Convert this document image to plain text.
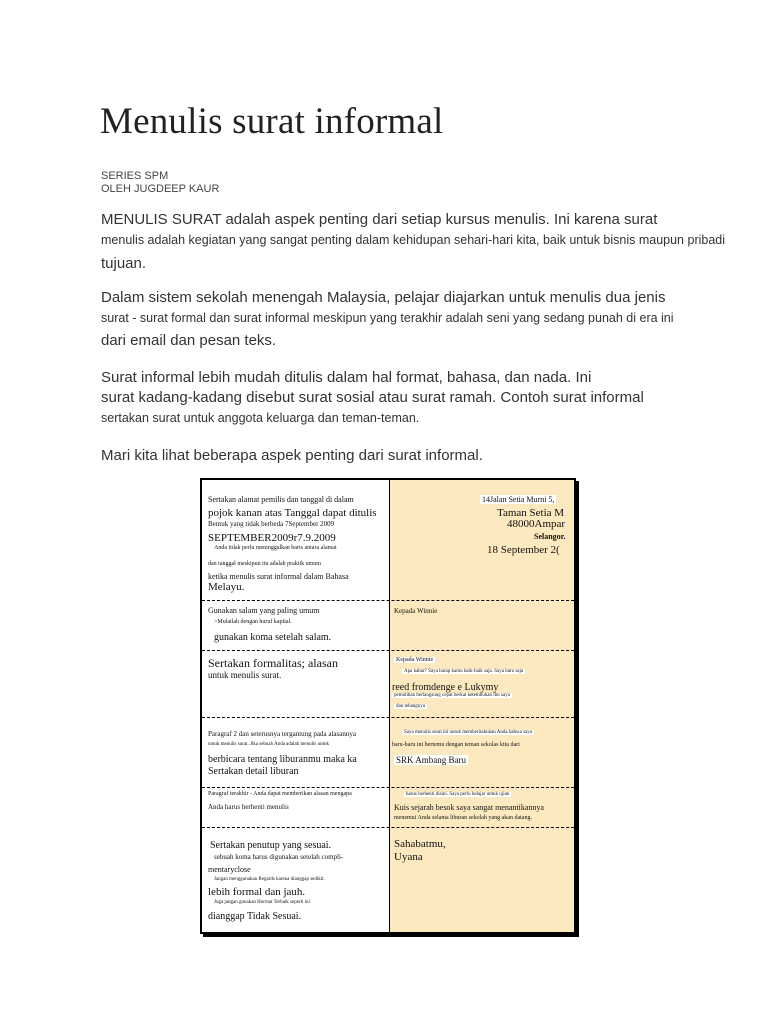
Menulis surat informal
SERIES SPM
OLEH JUGDEEP KAUR
MENULIS SURAT adalah aspek penting dari setiap kursus menulis. Ini karena surat
menulis adalah kegiatan yang sangat penting dalam kehidupan sehari-hari kita, baik untuk bisnis maupun pribadi
tujuan.
Dalam sistem sekolah menengah Malaysia, pelajar diajarkan untuk menulis dua jenis
surat - surat formal dan surat informal meskipun yang terakhir adalah seni yang sedang punah di era ini
dari email dan pesan teks.
Surat informal lebih mudah ditulis dalam hal format, bahasa, dan nada. Ini
surat kadang-kadang disebut surat sosial atau surat ramah. Contoh surat informal
sertakan surat untuk anggota keluarga dan teman-teman.
Mari kita lihat beberapa aspek penting dari surat informal.
Sertakan alamat pemilis dan tanggal di dalam
pojok kanan atas Tanggal dapat ditulis
Bentuk yang tidak berbeda 7September 2009
SEPTEMBER2009r7.9.2009
Anda tidak perlu meninggalkan baris antara alamat
dan tanggal meskipun itu adalah praktik umum
ketika menulis surat informal dalam Bahasa
Melayu.
Gunakan salam yang paling umum
>Mulailah dengan huruf kapital.
gunakan koma setelah salam.
Sertakan formalitas; alasan
untuk menulis surat.
Paragraf 2 dan seterusnya tergantung pada alasannya
untuk menulis surat. Jika sebuah Anda adalah menulis untuk
berbicara tentang liburanmu maka ka
Sertakan detail liburan
Paragraf terakhir - Anda dapat memberikan alasan mengapa
Anda harus berhenti menulis
Sertakan penutup yang sesuai.
sebuah koma harus digunakan setelah compli-
mentaryclose
Jangan menggunakan Regards karena dianggap sedikit.
lebih formal dan jauh.
Juga jangan gunakan Hormat Terbaik seperti ini
dianggap Tidak Sesuai.
14Jalan Setia Murni 5,
Taman Setia M
48000Ampar
Selangor.
18 September 2(
Kepada Winnie
Kepada Winnie
Apa kabar? Saya harap kamu baik-baik saja. Saya baru saja
reed fromdenge e Lukymy
pemulihan berlangsung cepat berkat ketembuhan ibu saya
dan tebangnya
Saya menulis surat ini untuk memberitahukan Anda bahwa saya
baru-baru ini bertemu dengan teman sekolas kita dari
SRK Ambang Baru
harus berhenti disini. Saya perlu belajar untuk ujian
Kuis sejarah besok saya sangat menantikannya
menemui Anda selama liburan sekolah yang akan datang.
Sahabatmu,
Uyana
